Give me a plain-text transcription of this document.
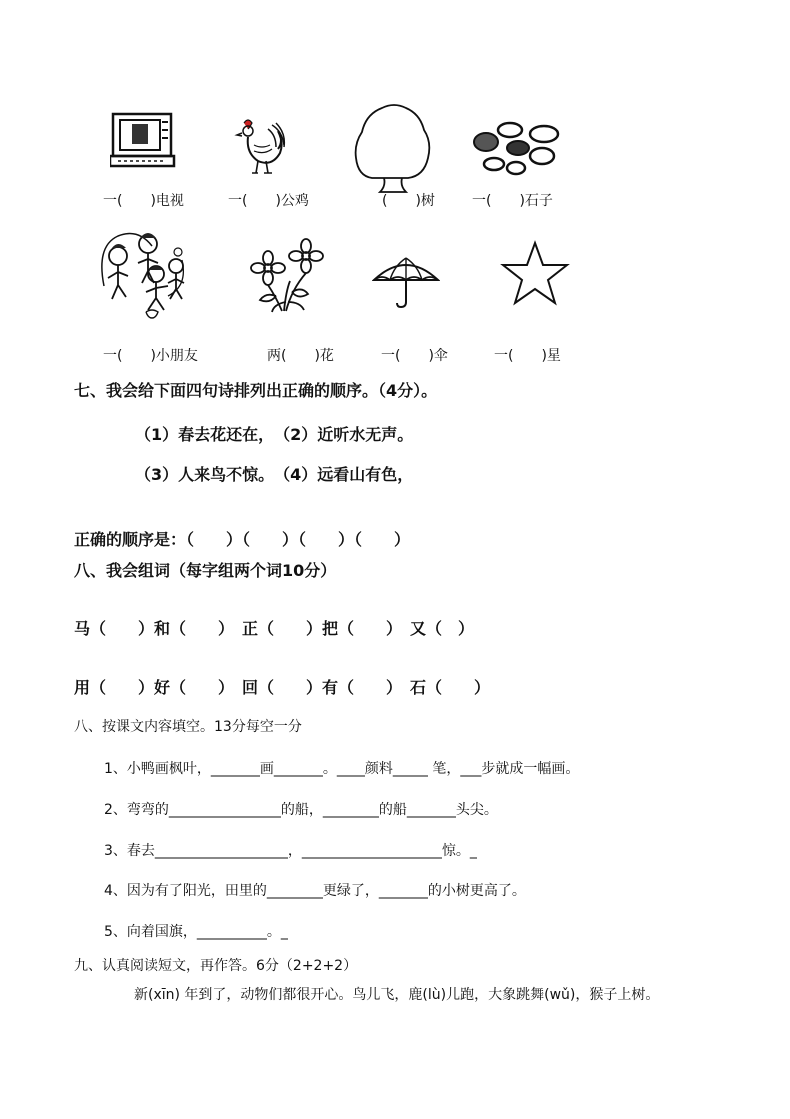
一(　　)电视	一(　　)公鸡	(　　)树	一(　　)石子
一(　　)小朋友	两(　　)花	一(　　)伞	一(　　)星
七、我会给下面四句诗排列出正确的顺序。（4分）。
（1）春去花还在，　（2）近听水无声。
（3）人来鸟不惊。　（4）远看山有色，
正确的顺序是：（　　）（　　）（　　）（　　）
八、我会组词（每字组两个词10分）
马（　　）和（　　）　正（　　）把（　　）　又（　）
用（　　）好（　　）　回（　　）有（　　）　石（　　）
八、按课文内容填空。13分每空一分
1、小鸭画枫叶，_______画_______。____颜料_____ 笔，___步就成一幅画。
2、弯弯的________________的船，________的船_______头尖。
3、春去___________________，____________________惊。_
4、因为有了阳光，田里的________更绿了，_______的小树更高了。
5、向着国旗，__________。_
九、认真阅读短文，再作答。6分（2+2+2）
新(xīn) 年到了，动物们都很开心。鸟儿飞，鹿(lù)儿跑，大象跳舞(wǔ)，猴子上树。
